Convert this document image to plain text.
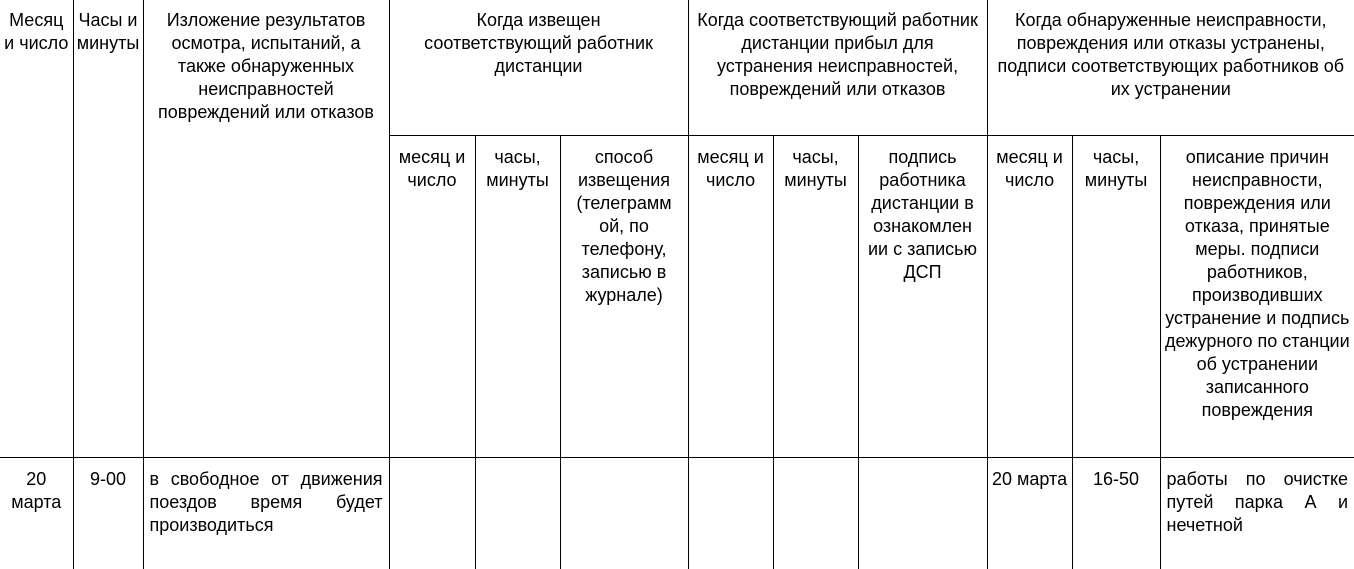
Месяц и число	Часы и минуты	Изложение результатов осмотра, испытаний, а также обнаруженных неисправностей повреждений или отказов	Когда извещен соответствующий работник дистанции			Когда соответствующий работник дистанции прибыл для устранения неисправностей, повреждений или отказов			Когда обнаруженные неисправности, повреждения или отказы устранены, подписи соответствующих работников об их устранении		

			месяц и число	часы, минуты	способ извещения (телеграмм ой, по телефону, записью в журнале)	месяц и число	часы, минуты	подпись работника дистанции в ознакомлен ии с записью ДСП	месяц и число	часы, минуты	описание причин неисправности, повреждения или отказа, принятые меры. подписи работников, производивших устранение и подпись дежурного по станции об устранении записанного повреждения

20 марта	9-00	в свободное от движения поездов время будет производиться							20 марта	16-50	работы по очистке путей парка А и нечетной
